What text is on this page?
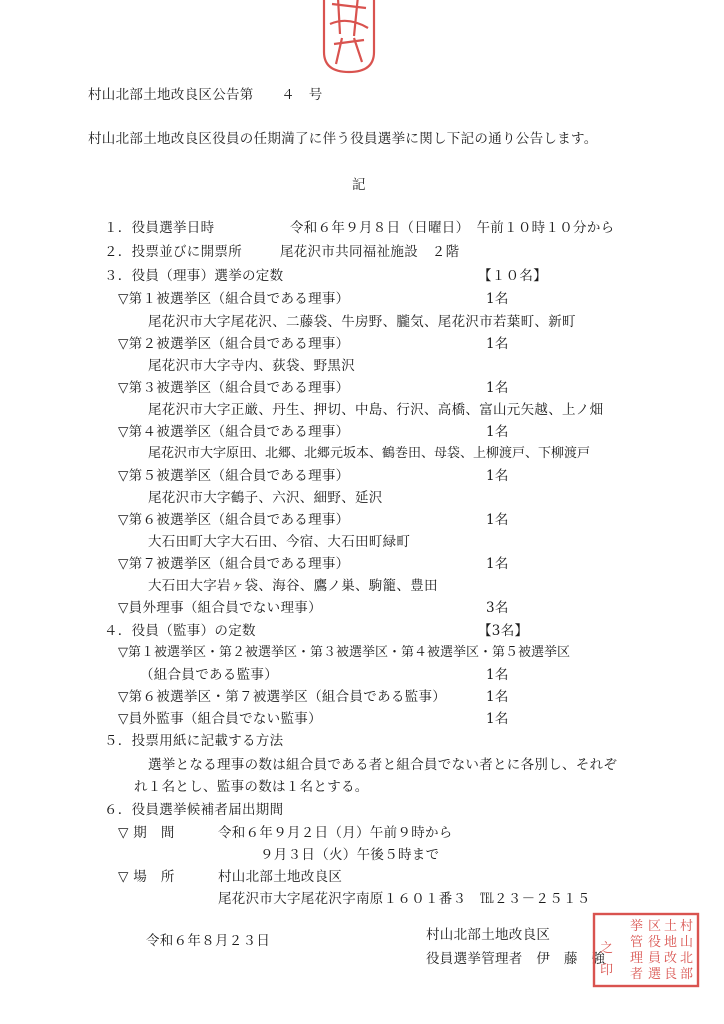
村山北部土地改良区公告第　　４　号
村山北部土地改良区役員の任期満了に伴う役員選挙に関し下記の通り公告します。
記
１．役員選挙日時	令和６年９月８日（日曜日）　午前１０時１０分から
２．投票並びに開票所	尾花沢市共同福祉施設　２階
３．役員（理事）選挙の定数	【１０名】
▽第１被選挙区（組合員である理事）	1名
尾花沢市大字尾花沢、二藤袋、牛房野、朧気、尾花沢市若葉町、新町
▽第２被選挙区（組合員である理事）	1名
尾花沢市大字寺内、荻袋、野黒沢
▽第３被選挙区（組合員である理事）	1名
尾花沢市大字正厳、丹生、押切、中島、行沢、高橋、富山元矢越、上ノ畑
▽第４被選挙区（組合員である理事）	1名
尾花沢市大字原田、北郷、北郷元坂本、鶴巻田、母袋、上柳渡戸、下柳渡戸
▽第５被選挙区（組合員である理事）	1名
尾花沢市大字鶴子、六沢、細野、延沢
▽第６被選挙区（組合員である理事）	1名
大石田町大字大石田、今宿、大石田町緑町
▽第７被選挙区（組合員である理事）	1名
大石田大字岩ヶ袋、海谷、鷹ノ巣、駒籠、豊田
▽員外理事（組合員でない理事）	3名
４．役員（監事）の定数	【3名】
▽第１被選挙区・第２被選挙区・第３被選挙区・第４被選挙区・第５被選挙区
（組合員である監事）	1名
▽第６被選挙区・第７被選挙区（組合員である監事）	1名
▽員外監事（組合員でない監事）	1名
５．投票用紙に記載する方法
選挙となる理事の数は組合員である者と組合員でない者とに各別し、それぞ
れ１名とし、監事の数は１名とする。
６．役員選挙候補者届出期間
▽ 期　間	令和６年９月２日（月）午前９時から
９月３日（火）午後５時まで
▽ 場　所	村山北部土地改良区
尾花沢市大字尾花沢字南原１６０１番３　℡２３－２５１５
令和６年８月２３日	村山北部土地改良区
役員選挙管理者　伊　藤　強
村
山
北
部
土
地
改
良
区
役
員
選
挙
管
理
者
之
印
